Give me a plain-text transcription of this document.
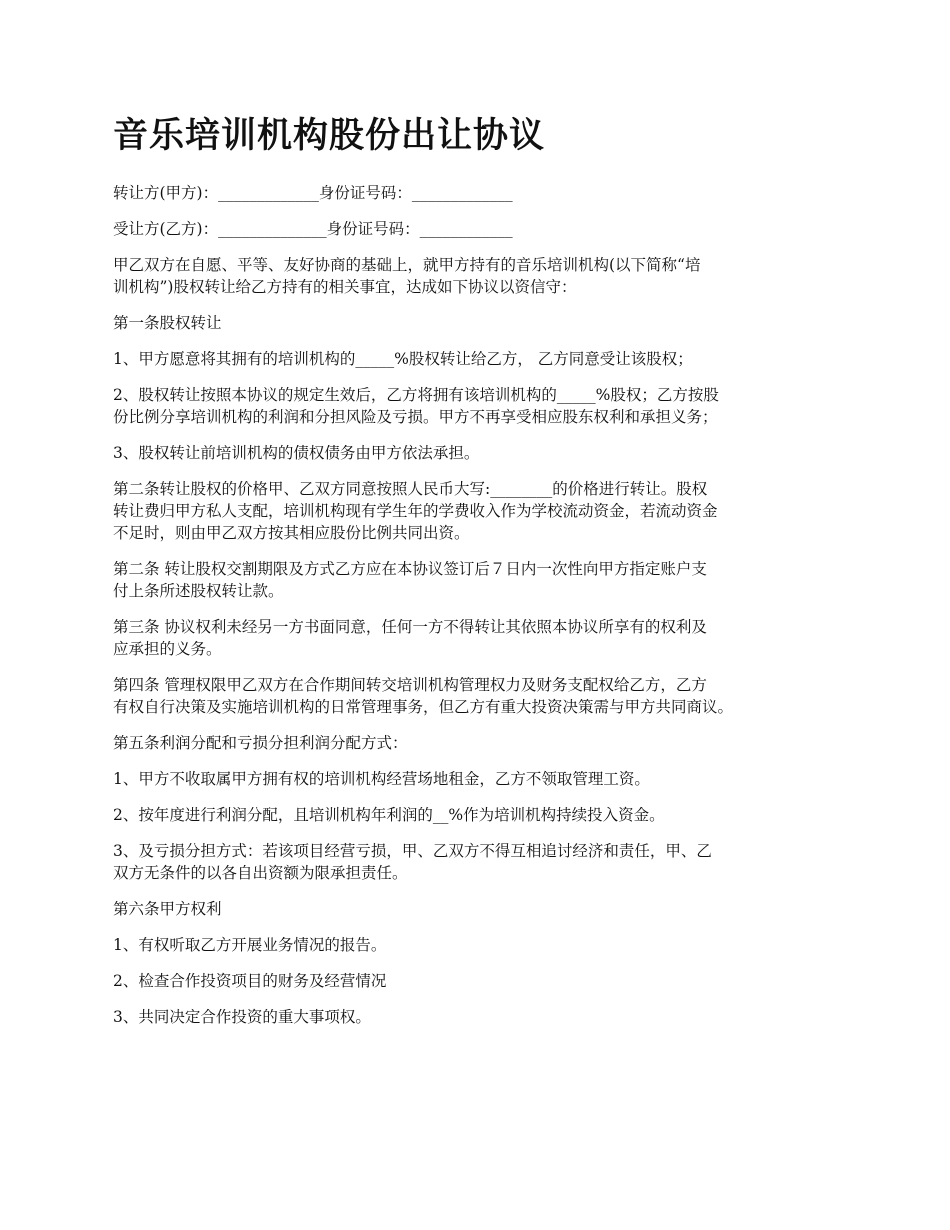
音乐培训机构股份出让协议

转让方(甲方)：_____________身份证号码：_____________

受让方(乙方)：______________身份证号码：____________

甲乙双方在自愿、平等、友好协商的基础上，就甲方持有的音乐培训机构(以下简称“培
训机构”)股权转让给乙方持有的相关事宜，达成如下协议以资信守：

第一条股权转让

1、甲方愿意将其拥有的培训机构的_____%股权转让给乙方， 乙方同意受让该股权；

2、股权转让按照本协议的规定生效后，乙方将拥有该培训机构的_____%股权；乙方按股
份比例分享培训机构的利润和分担风险及亏损。甲方不再享受相应股东权利和承担义务；

3、股权转让前培训机构的债权债务由甲方依法承担。

第二条转让股权的价格甲、乙双方同意按照人民币大写:________的价格进行转让。股权
转让费归甲方私人支配，培训机构现有学生年的学费收入作为学校流动资金，若流动资金
不足时，则由甲乙双方按其相应股份比例共同出资。

第二条 转让股权交割期限及方式乙方应在本协议签订后７日内一次性向甲方指定账户支
付上条所述股权转让款。

第三条 协议权利未经另一方书面同意，任何一方不得转让其依照本协议所享有的权利及
应承担的义务。

第四条 管理权限甲乙双方在合作期间转交培训机构管理权力及财务支配权给乙方，乙方
有权自行决策及实施培训机构的日常管理事务，但乙方有重大投资决策需与甲方共同商议。

第五条利润分配和亏损分担利润分配方式：

1、甲方不收取属甲方拥有权的培训机构经营场地租金，乙方不领取管理工资。

2、按年度进行利润分配，且培训机构年利润的__%作为培训机构持续投入资金。

3、及亏损分担方式：若该项目经营亏损，甲、乙双方不得互相追讨经济和责任，甲、乙
双方无条件的以各自出资额为限承担责任。

第六条甲方权利

1、有权听取乙方开展业务情况的报告。

2、检查合作投资项目的财务及经营情况

3、共同决定合作投资的重大事项权。
